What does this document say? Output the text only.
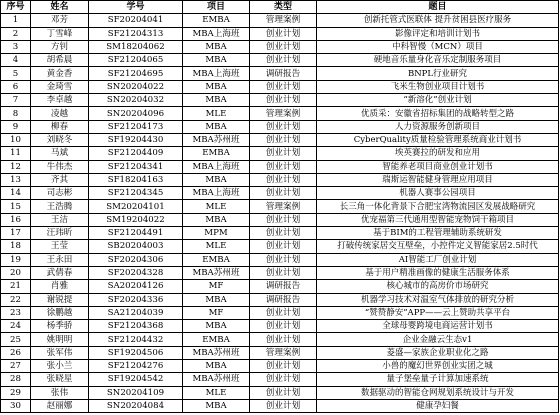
序号	姓名	学号	项目	类型	题目
1	邓芳	SF20204041	EMBA	管理案例	创新托管式医联体 提升贫困县医疗服务
2	丁雪峰	SF21204313	MBA上海班	创业计划	影像评定和培训计划书
3	方钊	SM18204062	MBA	创业计划	中科智慢（MCN）项目
4	胡希晨	SF21204065	MBA	创业计划	硬地音乐量身化音乐定制服务项目
5	黄金香	SF21204695	MBA上海班	调研报告	BNPL行业研究
6	金琦雪	SN20204022	MBA	创业计划	飞米生物创业项目计划书
7	李卓越	SN20204032	MBA	创业计划	“新溶化”创业计划
8	凌越	SN20204096	MLE	管理案例	优质采：安徽省招标集团的战略转型之路
9	柳春	SF21204173	MBA	创业计划	人力资源服务创新项目
10	刘晓冬	SF19204430	MBA苏州班	创业计划	CyberQuality质量检验管理系统商业计划书
11	马斌	SF21204409	EMBA	创业计划	埃英赛拉的研发和应用
12	牛伟杰	SF21204341	MBA上海班	创业计划	智能养老项目商业创业计划书
13	齐其	SF18204163	MBA	创业计划	瑞斯运智能健身管理应用项目
14	司志彬	SF21204345	MBA上海班	创业计划	机器人赛事公园项目
15	王浩腾	SM20204101	MLE	管理案例	长三角一体化背景下合肥宝湾物流园区发展战略研究
16	王洁	SM19204022	MBA	创业计划	优宠福第三代通用型智能宠物饲干箱项目
17	汪玮昕	SF21204491	MPM	创业计划	基于BIM的工程管理辅助系统研发
18	王莹	SB20204003	MLE	创业计划	打破传统家居交互壁垒，小控件定义智能家居2.5时代
19	王永田	SF20204306	EMBA	创业计划	AI智能工厂创业计划
20	武倩春	SF20204328	MBA苏州班	创业计划	基于用户精准画像的健康生活服务体系
21	肖雅	SA20204126	MF	调研报告	核心城市的高房价市场研究
22	谢锐提	SF20204336	MBA	调研报告	机器学习技术对温室气体排放的研究分析
23	徐鹏越	SA21204039	MF	创业计划	“赞赞静安”APP——云上赞助共享平台
24	杨季骄	SF21204368	MBA	创业计划	全球母婴跨境电商运营计划书
25	姚明明	SF21204432	EMBA	创业计划	企业金融云生态v1
26	张军伟	SF19204506	MBA苏州班	管理案例	菱盛—家族企业职业化之路
27	张小兰	SF21204276	MBA	创业计划	小兽的魔幻世界创业实团之城
28	张晓星	SF19204542	MBA苏州班	创业计划	量子堡垒量子计算加速系统
29	张伟	SN20204109	MLE	创业计划	数据驱动的智能仓网规划系统设计与开发
30	赵丽娜	SN20204084	MBA	创业计划	健康孕妇餐
